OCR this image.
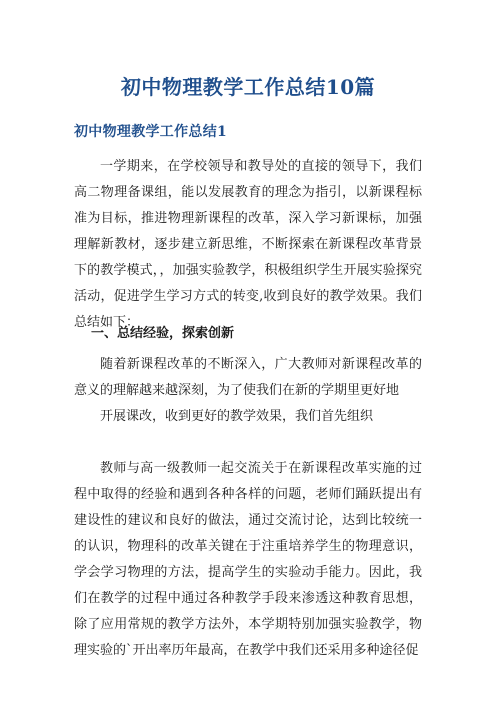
初中物理教学工作总结10篇
初中物理教学工作总结1

一学期来，在学校领导和教导处的直接的领导下，我们高二物理备课组，能以发展教育的理念为指引，以新课程标准为目标，推进物理新课程的改革，深入学习新课标，加强理解新教材，逐步建立新思维，不断探索在新课程改革背景下的教学模式，，加强实验教学，积极组织学生开展实验探究活动，促进学生学习方式的转变,收到良好的教学效果。我们总结如下：

一、总结经验，探索创新

随着新课程改革的不断深入，广大教师对新课程改革的意义的理解越来越深刻，为了使我们在新的学期里更好地

开展课改，收到更好的教学效果，我们首先组织

教师与高一级教师一起交流关于在新课程改革实施的过程中取得的经验和遇到各种各样的问题，老师们踊跃提出有建设性的建议和良好的做法，通过交流讨论，达到比较统一的认识，物理科的改革关键在于注重培养学生的物理意识，学会学习物理的方法，提高学生的实验动手能力。因此，我们在教学的过程中通过各种教学手段来渗透这种教育思想，除了应用常规的教学方法外，本学期特别加强实验教学，物理实验的`开出率历年最高，在教学中我们还采用多种途径促
